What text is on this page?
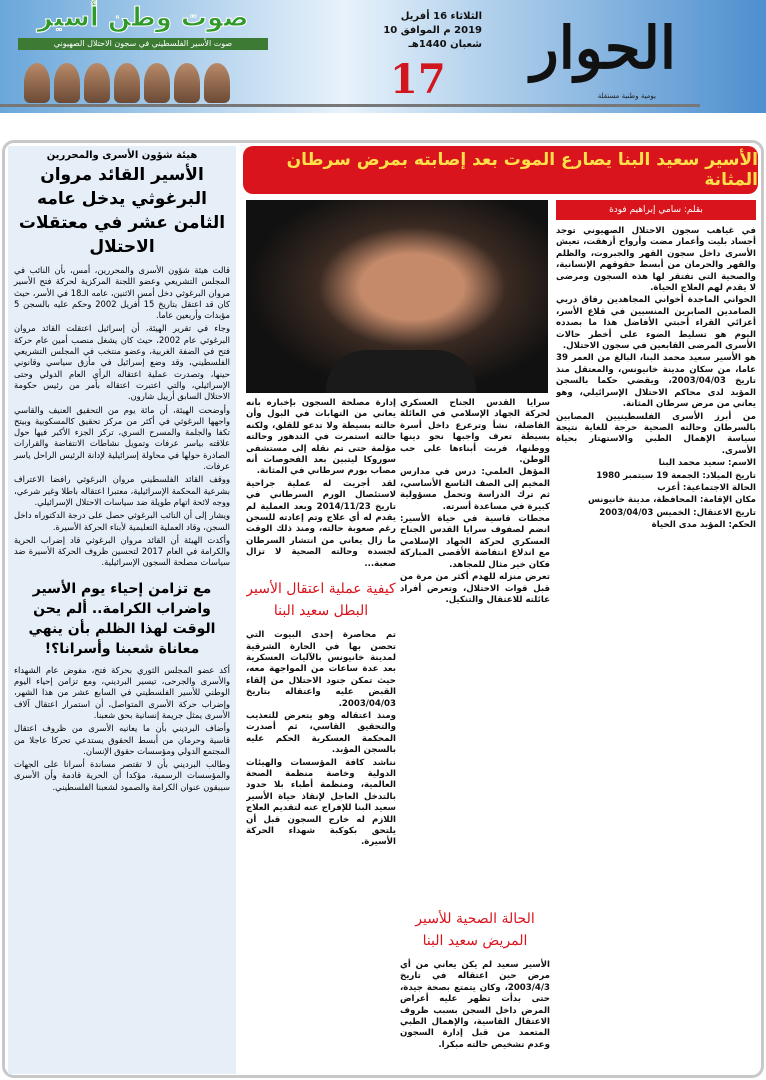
الحوار
يومية وطنية مستقلة
الثلاثاء 16 أفريل
2019 م الموافق 10
شعبان 1440هـ
17
صوت وطن أسير
صوت الأسير الفلسطيني في سجون الاحتلال الصهيوني
هيئة شؤون الأسرى والمحررين
الأسير القائد مروان البرغوثي يدخل عامه الثامن عشر في معتقلات الاحتلال

قالت هيئة شؤون الأسرى والمحررين، أمس، بأن النائب في المجلس التشريعي وعضو اللجنة المركزية لحركة فتح الأسير مروان البرغوثي دخل أمس الاثنين، عامه الـ18 في الأسر، حيث كان قد اعتقل بتاريخ 15 أفريل 2002 وحكم عليه بالسجن 5 مؤبدات وأربعين عاما.

وجاء في تقرير الهيئة، أن إسرائيل اعتقلت القائد مروان البرغوثي عام 2002، حيث كان يشغل منصب أمين عام حركة فتح في الضفة الغربية، وعضو منتخب في المجلس التشريعي الفلسطيني، وقد وضع إسرائيل في مأزق سياسي وقانوني حينها، وتصدرت عملية اعتقاله الرأي العام الدولي وحتى الإسرائيلي، والتي اعتبرت اعتقاله بأمر من رئيس حكومة الاحتلال السابق أرييل شارون.

وأوضحت الهيئة، أن مائة يوم من التحقيق العنيف والقاسي واجهها البرغوثي في أكثر من مركز تحقيق كالمسكوبية وبيتح تكفا والجلمة والمسرح السري، تركز الجزء الأكبر فيها حول علاقته بياسر عرفات وتمويل نشاطات الانتفاضة والقرارات الصادرة حولها في محاولة إسرائيلية لإدانة الرئيس الراحل ياسر عرفات.

ووقف القائد الفلسطيني مروان البرغوثي رافضا الاعتراف بشرعية المحكمة الإسرائيلية، معتبرا اعتقاله باطلا وغير شرعي، ووجه لائحة اتهام طويلة ضد سياسات الاحتلال الإسرائيلي.

ويشار إلى أن النائب البرغوثي حصل على درجة الدكتوراه داخل السجن، وقاد العملية التعليمية لأبناء الحركة الأسيرة.

وأكدت الهيئة أن القائد مروان البرغوثي قاد إضراب الحرية والكرامة في العام 2017 لتحسين ظروف الحركة الأسيرة ضد سياسات مصلحة السجون الإسرائيلية.

مع تزامن إحياء يوم الأسير واضراب الكرامة.. ألم يحن الوقت لهذا الظلم بأن ينهي معاناة شعبنا وأسرانا؟!

أكد عضو المجلس الثوري بحركة فتح، مفوض عام الشهداء والأسرى والجرحى، تيسير البرديني، ومع تزامن إحياء اليوم الوطني للأسير الفلسطيني في السابع عشر من هذا الشهر، وإضراب حركة الأسرى المتواصل، أن استمرار اعتقال آلاف الأسرى يمثل جريمة إنسانية بحق شعبنا.

وأضاف البرديني بأن ما يعانيه الأسرى من ظروف اعتقال قاسية وحرمان من أبسط الحقوق يستدعي تحركا عاجلا من المجتمع الدولي ومؤسسات حقوق الإنسان.

وطالب البرديني بأن لا تقتصر مساندة أسرانا على الجهات والمؤسسات الرسمية، مؤكدا أن الحرية قادمة وأن الأسرى سيبقون عنوان الكرامة والصمود لشعبنا الفلسطيني.

الأسير سعيد البنا يصارع الموت بعد إصابته بمرض سرطان المثانة
بقلم: سامي إبراهيم فودة

في غياهب سجون الاحتلال الصهيوني توجد أجساد بليت وأعمار مضت وأرواح أزهقت، تعيش الأسرى داخل سجون القهر والجبروت، والظلم والقهر والحرمان من أبسط حقوقهم الإنسانية، والصحية التي تفتقر لها هذه السجون ومرضى لا يقدم لهم العلاج الحياة.

الحواني الماجدة أخواني المجاهدين رفاق دربي الصامدين الصابرين المنسيين في قلاع الأسر، أعزائي القراء أحبتي الأفاضل هذا ما بصدده اليوم هو تسليط الضوء على أخطر حالات الأسرى المرضى القابعين في سجون الاحتلال.

هو الأسير سعيد محمد البنا، البالغ من العمر 39 عاما، من سكان مدينة خانيونس، والمعتقل منذ تاريخ 2003/04/03، ويقضي حكما بالسجن المؤبد لدى محاكم الاحتلال الإسرائيلي، وهو يعاني من مرض سرطان المثانة.

من أبرز الأسرى الفلسطينيين المصابين بالسرطان وحالته الصحية حرجة للغاية نتيجة سياسة الإهمال الطبي والاستهتار بحياة الأسرى.

الاسم: سعيد محمد البنا

تاريخ الميلاد: الجمعة 19 سبتمبر 1980

الحالة الاجتماعية: أعزب

مكان الإقامة: المحافظة، مدينة خانيونس

تاريخ الاعتقال: الخميس 2003/04/03

الحكم: المؤبد مدى الحياة

سرايا القدس الجناح العسكري لحركة الجهاد الإسلامي في العائلة الفاضلة، نشأ وترعرع داخل أسرة بسيطة تعرف واجبها نحو دينها ووطنها، فربت أبناءها على حب الوطن.

المؤهل العلمي: درس في مدارس المخيم إلى الصف التاسع الأساسي، ثم ترك الدراسة وتحمل مسؤولية كبيرة في مساعدة أسرته.

محطات قاسية في حياة الأسير: انضم لصفوف سرايا القدس الجناح العسكري لحركة الجهاد الإسلامي مع اندلاع انتفاضة الأقصى المباركة فكان خير مثال للمجاهد.

تعرض منزله للهدم أكثر من مرة من قبل قوات الاحتلال، وتعرض أفراد عائلته للاعتقال والتنكيل.

إدارة مصلحة السجون بإخباره بأنه يعاني من التهابات في البول وأن حالته بسيطة ولا تدعو للقلق، ولكنه حالته استمرت في التدهور وحالته مؤلمة حتى تم نقله إلى مستشفى سوروكا ليتبين بعد الفحوصات أنه مصاب بورم سرطاني في المثانة.

لقد أجريت له عملية جراحية لاستئصال الورم السرطاني في تاريخ 2014/11/23 وبعد العملية لم يقدم له أي علاج وتم إعادته للسجن رغم صعوبة حالته، ومنذ ذلك الوقت ما زال يعاني من انتشار السرطان لجسده وحالته الصحية لا تزال صعبة...

كيفية عملية اعتقال الأسير البطل سعيد البنا

تم محاصرة إحدى البيوت التي تحصن بها في الحارة الشرقية لمدينة خانيونس بالآليات العسكرية بعد عدة ساعات من المواجهة معه، حيث تمكن جنود الاحتلال من إلقاء القبض عليه واعتقاله بتاريخ 2003/04/03.

ومنذ اعتقاله وهو يتعرض للتعذيب والتحقيق القاسي، ثم أصدرت المحكمة العسكرية الحكم عليه بالسجن المؤبد.

نناشد كافة المؤسسات والهيئات الدولية وخاصة منظمة الصحة العالمية، ومنظمة أطباء بلا حدود بالتدخل العاجل لإنقاذ حياة الأسير سعيد البنا للإفراج عنه لتقديم العلاج اللازم له خارج السجون قبل أن يلتحق بكوكبة شهداء الحركة الأسيرة.

الحالة الصحية للأسير المريض سعيد البنا

الأسير سعيد لم يكن يعاني من أي مرض حين اعتقاله في تاريخ 2003/4/3، وكان يتمتع بصحة جيدة، حتى بدأت تظهر عليه أعراض المرض داخل السجن بسبب ظروف الاعتقال القاسية، والإهمال الطبي المتعمد من قبل إدارة السجون وعدم تشخيص حالته مبكرا.
